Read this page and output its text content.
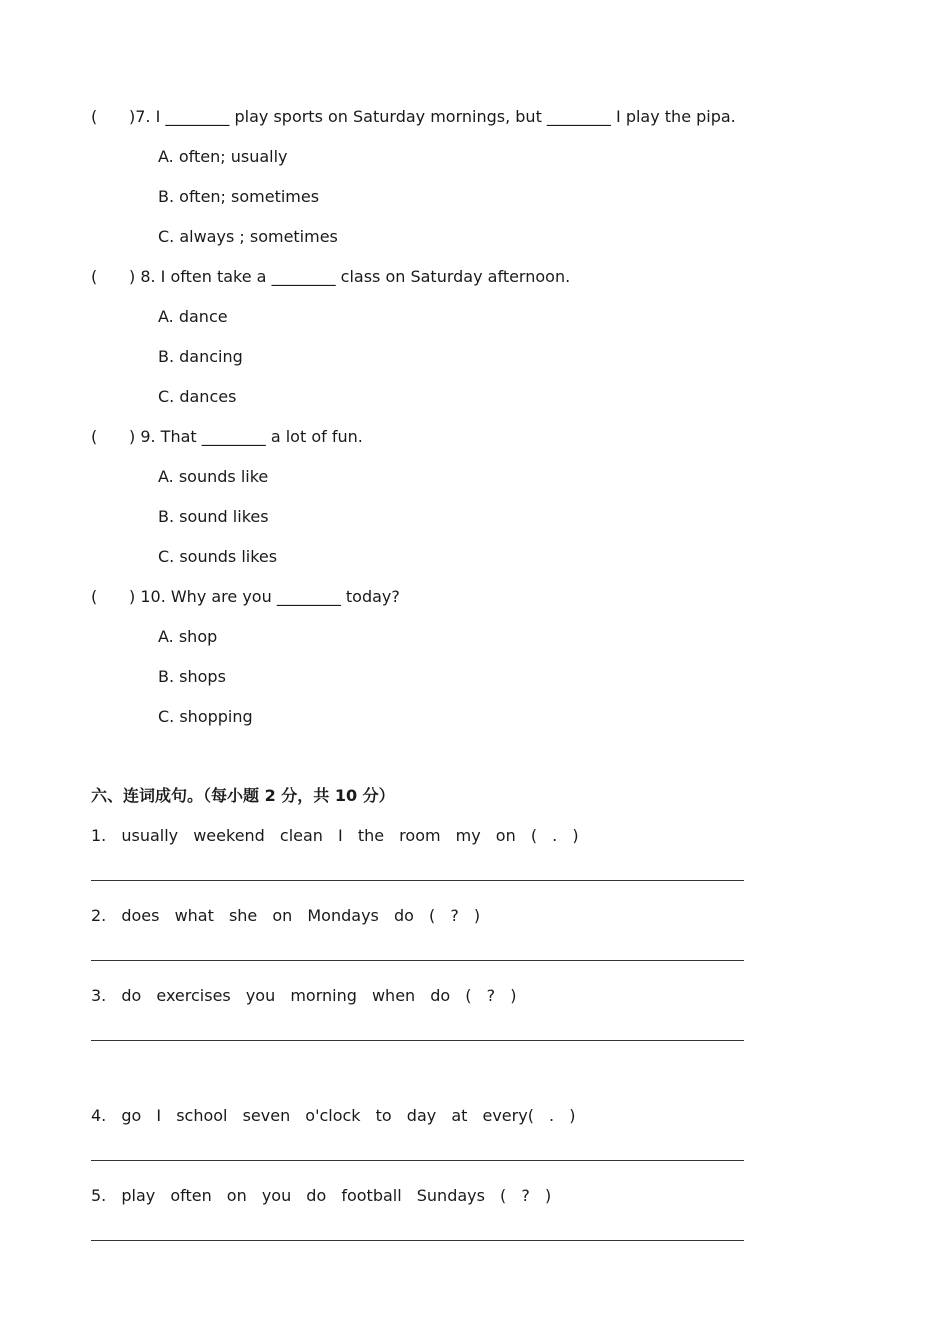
( )7. I ________ play sports on Saturday mornings, but ________ I play the pipa.
A. often; usually
B. often; sometimes
C. always ; sometimes
( ) 8. I often take a ________ class on Saturday afternoon.
A. dance
B. dancing
C. dances
( ) 9. That ________ a lot of fun.
A. sounds like
B. sound likes
C. sounds likes
( ) 10. Why are you ________ today?
A. shop
B. shops
C. shopping
六、连词成句。（每小题 2 分，共 10 分）
1. usually weekend clean I the room my on ( . )
2. does what she on Mondays do ( ? )
3. do exercises you morning when do ( ? )
4. go I school seven o'clock to day at every( . )
5. play often on you do football Sundays ( ? )
